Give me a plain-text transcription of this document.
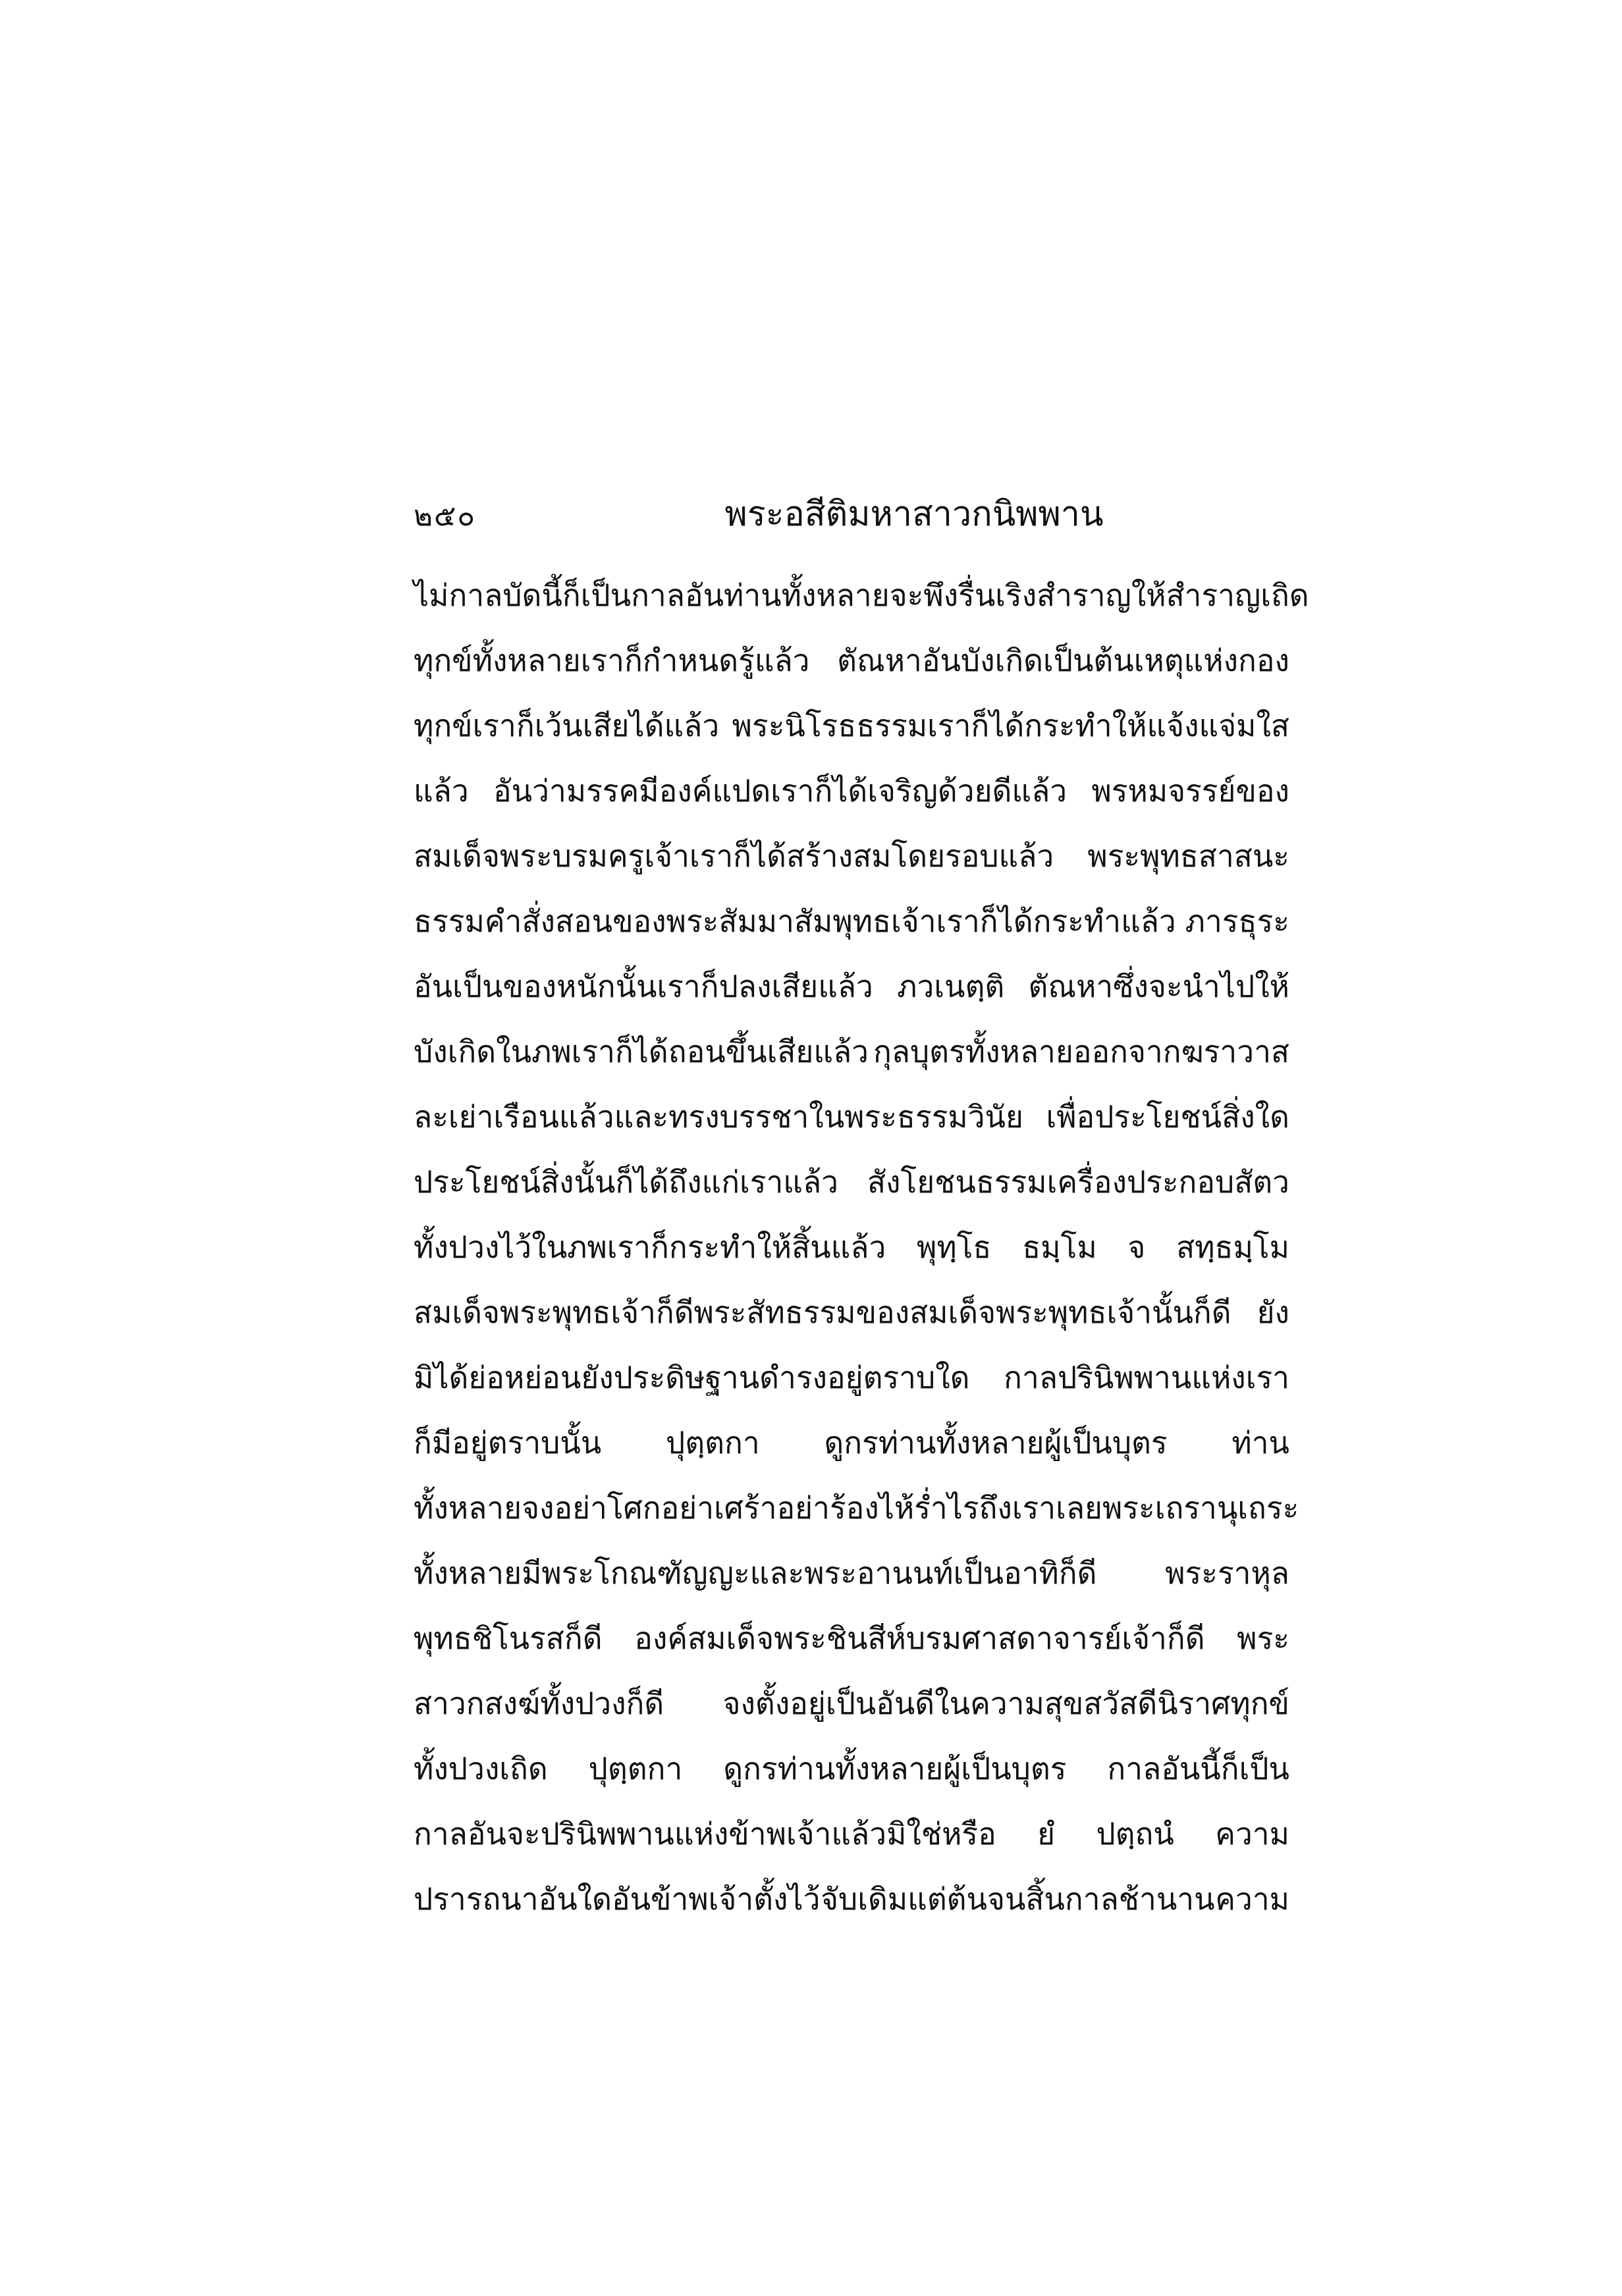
๒๕๐	พระอสีติมหาสาวกนิพพาน
ไม่ กาลบัดนี้ก็เป็นกาลอันท่านทั้งหลายจะพึงรื่นเริงสำราญให้สำราญเถิด
ทุกข์ทั้งหลายเราก็กำหนดรู้แล้ว ตัณหาอันบังเกิดเป็นต้นเหตุแห่งกอง
ทุกข์เราก็เว้นเสียได้แล้ว พระนิโรธธรรมเราก็ได้กระทำให้แจ้งแจ่มใส
แล้ว อันว่ามรรคมีองค์แปดเราก็ได้เจริญด้วยดีแล้ว พรหมจรรย์ของ
สมเด็จพระบรมครูเจ้าเราก็ได้สร้างสมโดยรอบแล้ว พระพุทธสาสนะ
ธรรมคำสั่งสอนของพระสัมมาสัมพุทธเจ้าเราก็ได้กระทำแล้ว ภารธุระ
อันเป็นของหนักนั้นเราก็ปลงเสียแล้ว ภวเนตฺติ ตัณหาซึ่งจะนำไปให้
บังเกิดในภพเราก็ได้ถอนขึ้นเสียแล้ว กุลบุตรทั้งหลายออกจากฆราวาส
ละเย่าเรือนแล้วและทรงบรรชาในพระธรรมวินัย เพื่อประโยชน์สิ่งใด
ประโยชน์สิ่งนั้นก็ได้ถึงแก่เราแล้ว สังโยชนธรรมเครื่องประกอบสัตว
ทั้งปวงไว้ในภพเราก็กระทำให้สิ้นแล้ว พุทฺโธ ธมฺโม จ สทฺธมฺโม
สมเด็จพระพุทธเจ้าก็ดีพระสัทธรรมของสมเด็จพระพุทธเจ้านั้นก็ดี ยัง
มิได้ย่อหย่อนยังประดิษฐานดำรงอยู่ตราบใด กาลปรินิพพานแห่งเรา
ก็มีอยู่ตราบนั้น ปุตฺตกา ดูกรท่านทั้งหลายผู้เป็นบุตร ท่าน
ทั้งหลายจงอย่าโศกอย่าเศร้าอย่าร้องไห้ร่ำไรถึงเราเลย พระเถรานุเถระ
ทั้งหลายมีพระโกณฑัญญะและพระอานนท์เป็นอาทิก็ดี พระราหุล
พุทธชิโนรสก็ดี องค์สมเด็จพระชินสีห์บรมศาสดาจารย์เจ้าก็ดี พระ
สาวกสงฆ์ทั้งปวงก็ดี จงตั้งอยู่เป็นอันดีในความสุขสวัสดีนิราศทุกข์
ทั้งปวงเถิด ปุตฺตกา ดูกรท่านทั้งหลายผู้เป็นบุตร กาลอันนี้ก็เป็น
กาลอันจะปรินิพพานแห่งข้าพเจ้าแล้วมิใช่หรือ ยํ ปตฺถนํ ความ
ปรารถนาอันใดอันข้าพเจ้าตั้งไว้ จับเดิมแต่ต้นจนสิ้นกาลช้านาน ความ
